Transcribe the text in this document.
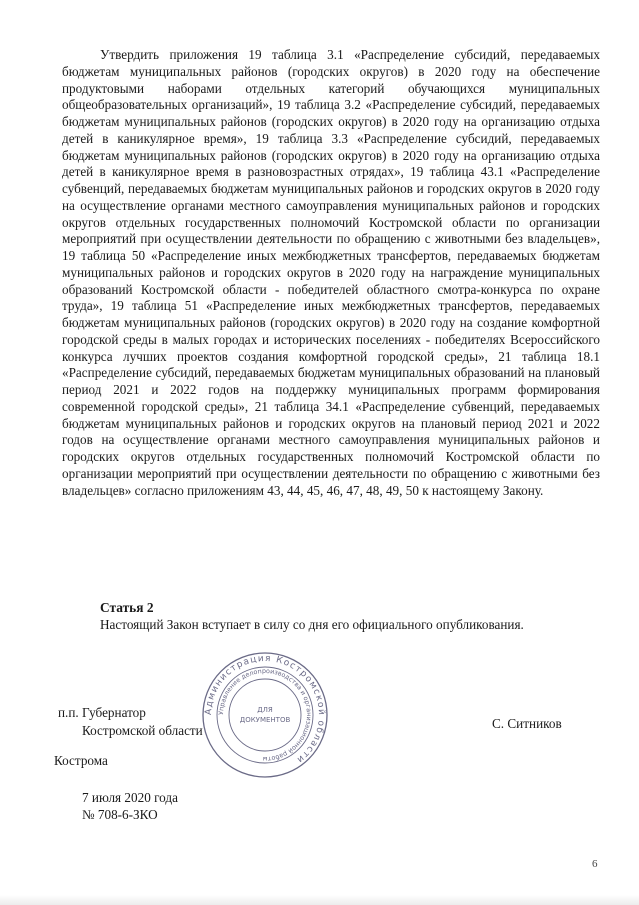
Утвердить приложения 19 таблица 3.1 «Распределение субсидий, передаваемых бюджетам муниципальных районов (городских округов) в 2020 году на обеспечение продуктовыми наборами отдельных категорий обучающихся муниципальных общеобразовательных организаций», 19 таблица 3.2 «Распределение субсидий, передаваемых бюджетам муниципальных районов (городских округов) в 2020 году на организацию отдыха детей в каникулярное время», 19 таблица 3.3 «Распределение субсидий, передаваемых бюджетам муниципальных районов (городских округов) в 2020 году на организацию отдыха детей в каникулярное время в разновозрастных отрядах», 19 таблица 43.1 «Распределение субвенций, передаваемых бюджетам муниципальных районов и городских округов в 2020 году на осуществление органами местного самоуправления муниципальных районов и городских округов отдельных государственных полномочий Костромской области по организации мероприятий при осуществлении деятельности по обращению с животными без владельцев», 19 таблица 50 «Распределение иных межбюджетных трансфертов, передаваемых бюджетам муниципальных районов и городских округов в 2020 году на награждение муниципальных образований Костромской области - победителей областного смотра-конкурса по охране труда», 19 таблица 51 «Распределение иных межбюджетных трансфертов, передаваемых бюджетам муниципальных районов (городских округов) в 2020 году на создание комфортной городской среды в малых городах и исторических поселениях - победителях Всероссийского конкурса лучших проектов создания комфортной городской среды», 21 таблица 18.1 «Распределение субсидий, передаваемых бюджетам муниципальных образований на плановый период 2021 и 2022 годов на поддержку муниципальных программ формирования современной городской среды», 21 таблица 34.1 «Распределение субвенций, передаваемых бюджетам муниципальных районов и городских округов на плановый период 2021 и 2022 годов на осуществление органами местного самоуправления муниципальных районов и городских округов отдельных государственных полномочий Костромской области по организации мероприятий при осуществлении деятельности по обращению с животными без владельцев» согласно приложениям 43, 44, 45, 46, 47, 48, 49, 50 к настоящему Закону.

Статья 2

Настоящий Закон вступает в силу со дня его официального опубликования.

п.п. Губернатор
Костромской области
Администрация Костромской области
Управление делопроизводства и организационной работы
ДЛЯ
ДОКУМЕНТОВ	С. Ситников
Кострома
7 июля 2020 года
№ 708-6-ЗКО
6
